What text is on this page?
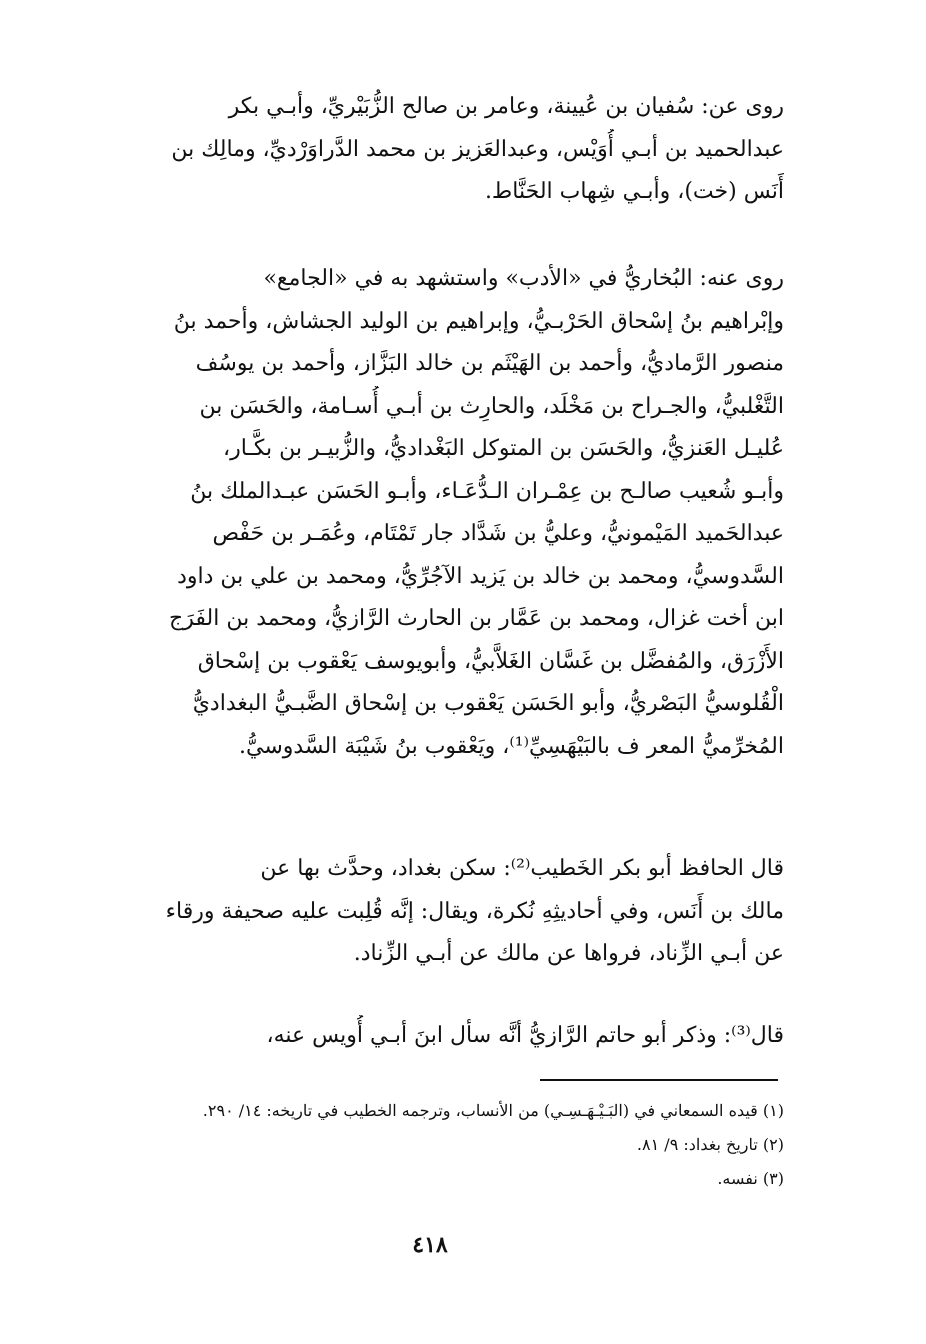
روى عن: سُفيان بن عُيينة، وعامر بن صالح الزُّبَيْريِّ، وأبـي بكر
عبدالحميد بن أبـي أُوَيْس، وعبدالعَزيز بن محمد الدَّراوَرْديِّ، ومالِك بن
أَنَس (خت)، وأبـي شِهاب الحَنَّاط.
روى عنه: البُخاريُّ في «الأدب» واستشهد به في «الجامع»
وإبْراهيم بنُ إسْحاق الحَرْبـيُّ، وإبراهيم بن الوليد الجشاش، وأحمد بنُ
منصور الرَّماديُّ، وأحمد بن الهَيْثَم بن خالد البَزَّاز، وأحمد بن يوسُف
التَّغْلبيُّ، والجـراح بن مَخْلَد، والحارِث بن أبـي أُسـامة، والحَسَن بن
عُليـل العَنزيُّ، والحَسَن بن المتوكل البَغْداديُّ، والزُّبيـر بن بكَّـار،
وأبـو شُعيب صالـح بن عِمْـران الـدُّعَـاء، وأبـو الحَسَن عبـدالملك بنُ
عبدالحَميد المَيْمونيُّ، وعليُّ بن شَدَّاد جار تَمْتَام، وعُمَـر بن حَفْص
السَّدوسيُّ، ومحمد بن خالد بن يَزيد الآجُرِّيُّ، ومحمد بن علي بن داود
ابن أخت غزال، ومحمد بن عَمَّار بن الحارث الرَّازيُّ، ومحمد بن الفَرَج
الأَزْرَق، والمُفضَّل بن غَسَّان الغَلاَّبيُّ، وأبويوسف يَعْقوب بن إسْحاق
الْقُلوسيُّ البَصْريُّ، وأبو الحَسَن يَعْقوب بن إسْحاق الضَّبـيُّ البغداديُّ
المُخرِّميُّ المعر ف بالبَيْهَسِيِّ⁽¹⁾، ويَعْقوب بنُ شَيْبَة السَّدوسيُّ.
قال الحافظ أبو بكر الخَطيب⁽²⁾: سكن بغداد، وحدَّث بها عن
مالك بن أَنَس، وفي أحاديثِهِ نُكرة، ويقال: إنَّه قُلِبت عليه صحيفة ورقاء
عن أبـي الزِّناد، فرواها عن مالك عن أبـي الزِّناد.
قال⁽³⁾: وذكر أبو حاتم الرَّازيُّ أنَّه سأل ابنَ أبـي أُويس عنه،
(١) قيده السمعاني في (البَـيْـهَـسِـي) من الأنساب، وترجمه الخطيب في تاريخه: ١٤/ ٢٩٠.
(٢) تاريخ بغداد: ٩/ ٨١.
(٣) نفسه.
٤١٨
